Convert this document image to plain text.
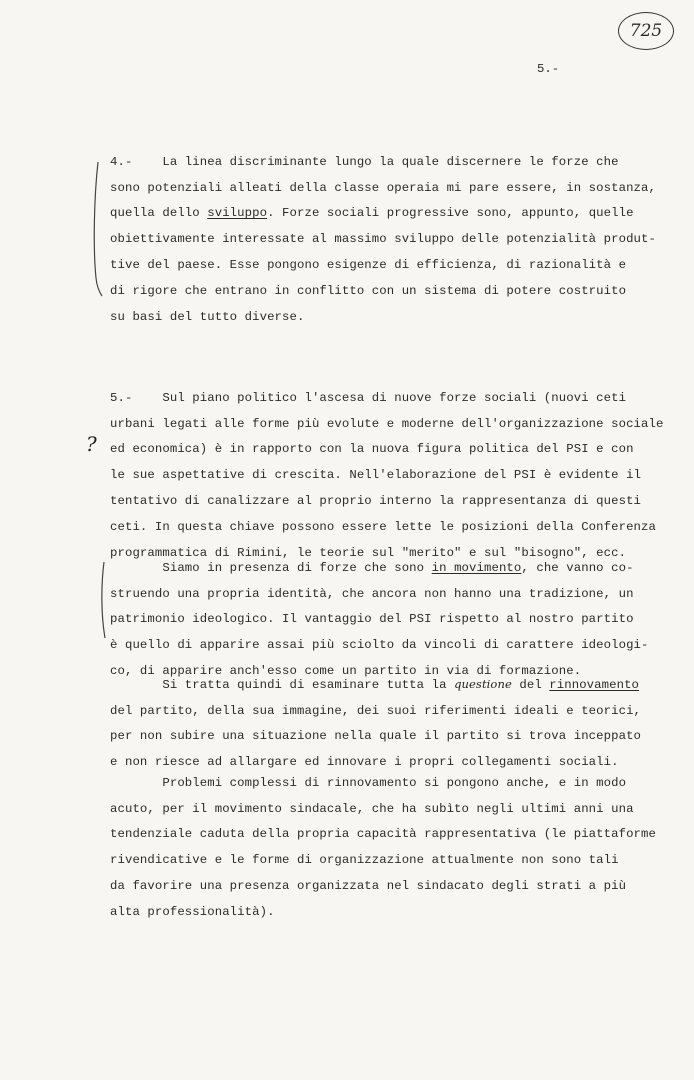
725
5.-

4.-    La linea discriminante lungo la quale discernere le forze che
sono potenziali alleati della classe operaia mi pare essere, in sostanza,
quella dello sviluppo. Forze sociali progressive sono, appunto, quelle
obiettivamente interessate al massimo sviluppo delle potenzialità produt-
tive del paese. Esse pongono esigenze di efficienza, di razionalità e
di rigore che entrano in conflitto con un sistema di potere costruito
su basi del tutto diverse.

5.-    Sul piano politico l'ascesa di nuove forze sociali (nuovi ceti
urbani legati alle forme più evolute e moderne dell'organizzazione sociale
ed economica) è in rapporto con la nuova figura politica del PSI e con
le sue aspettative di crescita. Nell'elaborazione del PSI è evidente il
tentativo di canalizzare al proprio interno la rappresentanza di questi
ceti. In questa chiave possono essere lette le posizioni della Conferenza
programmatica di Rimini, le teorie sul "merito" e sul "bisogno", ecc.

?

Siamo in presenza di forze che sono in movimento, che vanno co-
struendo una propria identità, che ancora non hanno una tradizione, un
patrimonio ideologico. Il vantaggio del PSI rispetto al nostro partito
è quello di apparire assai più sciolto da vincoli di carattere ideologi-
co, di apparire anch'esso come un partito in via di formazione.

Si tratta quindi di esaminare tutta la questione del rinnovamento
del partito, della sua immagine, dei suoi riferimenti ideali e teorici,
per non subire una situazione nella quale il partito si trova inceppato
e non riesce ad allargare ed innovare i propri collegamenti sociali.

Problemi complessi di rinnovamento si pongono anche, e in modo
acuto, per il movimento sindacale, che ha subìto negli ultimi anni una
tendenziale caduta della propria capacità rappresentativa (le piattaforme
rivendicative e le forme di organizzazione attualmente non sono tali
da favorire una presenza organizzata nel sindacato degli strati a più
alta professionalità).
